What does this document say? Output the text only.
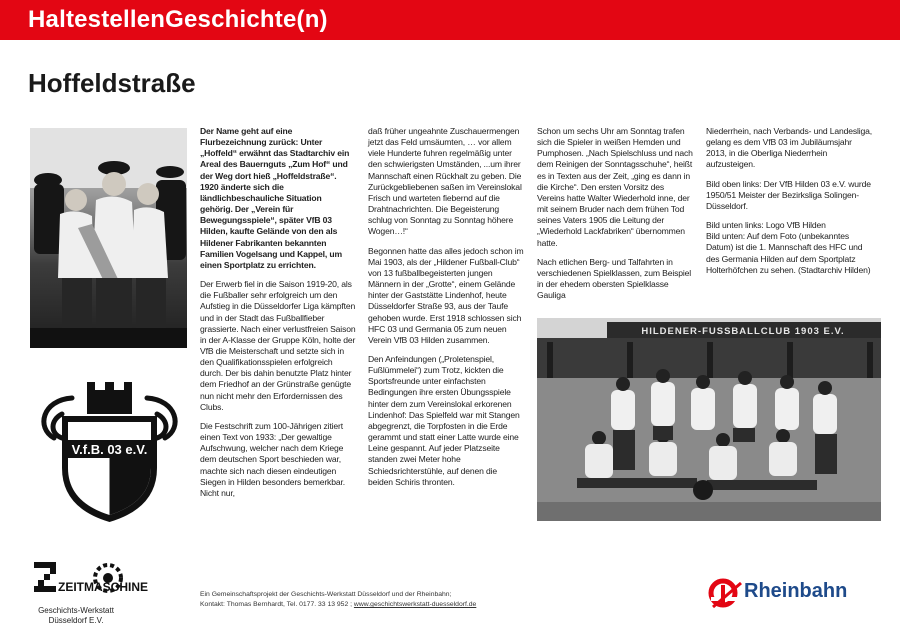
HaltestellenGeschichte(n)
Hoffeldstraße
V.f.B. 03 e.V.

Der Name geht auf eine Flurbezeichnung zurück: Unter „Hoffeld“ erwähnt das Stadtarchiv ein Areal des Bauernguts „Zum Hof“ und der Weg dort hieß „Hoffeldstraße“. 1920 änderte sich die ländlichbeschauliche Situation gehörig. Der „Verein für Bewegungsspiele“, später VfB 03 Hilden, kaufte Gelände von den als Hildener Fabrikanten bekannten Familien Vogelsang und Kappel, um einen Sportplatz zu errichten.

Der Erwerb fiel in die Saison 1919-20, als die Fußballer sehr erfolgreich um den Aufstieg in die Düsseldorfer Liga kämpften und in der Stadt das Fußballfieber grassierte. Nach einer verlustfreien Saison in der A-Klasse der Gruppe Köln, holte der VfB die Meisterschaft und setzte sich in den Qualifikationsspielen erfolgreich durch. Der bis dahin benutzte Platz hinter dem Friedhof an der Grünstraße genügte nun nicht mehr den Erfordernissen des Clubs.

Die Festschrift zum 100-Jährigen zitiert einen Text von 1933: „Der gewaltige Aufschwung, welcher nach dem Kriege dem deutschen Sport beschieden war, machte sich nach diesen eindeutigen Siegen in Hilden besonders bemerkbar. Nicht nur,

daß früher ungeahnte Zuschauermengen jetzt das Feld umsäumten, … vor allem viele Hunderte fuhren regelmäßig unter den schwierigsten Umständen, ...um ihrer Mannschaft einen Rückhalt zu geben. Die Zurückgebliebenen saßen im Vereinslokal Frisch und warteten fiebernd auf die Drahtnachrichten. Die Begeisterung schlug von Sonntag zu Sonntag höhere Wogen…!“

Begonnen hatte das alles jedoch schon im Mai 1903, als der „Hildener Fußball-Club“ von 13 fußballbegeisterten jungen Männern in der „Grotte“, einem Gelände hinter der Gaststätte Lindenhof, heute Düsseldorfer Straße 93, aus der Taufe gehoben wurde. Erst 1918 schlossen sich HFC 03 und Germania 05 zum neuen Verein VfB 03 Hilden zusammen.

Den Anfeindungen („Proletenspiel, Fußlümmelei“) zum Trotz, kickten die Sportsfreunde unter einfachsten Bedingungen ihre ersten Übungsspiele hinter dem zum Vereinslokal erkorenen Lindenhof: Das Spielfeld war mit Stangen abgegrenzt, die Torpfosten in die Erde gerammt und statt einer Latte wurde eine Leine gespannt. Auf jeder Platzseite standen zwei Meter hohe Schiedsrichterstühle, auf denen die beiden Schiris thronten.

Schon um sechs Uhr am Sonntag trafen sich die Spieler in weißen Hemden und Pumphosen. „Nach Spielschluss und nach dem Reinigen der Sonntagsschuhe“, heißt es in Texten aus der Zeit, „ging es dann in die Kirche“. Den ersten Vorsitz des Vereins hatte Walter Wiederhold inne, der mit seinem Bruder nach dem frühen Tod seines Vaters 1905 die Leitung der „Wiederhold Lackfabriken“ übernommen hatte.

Nach etlichen Berg- und Talfahrten in verschiedenen Spielklassen, zum Beispiel in der ehedem obersten Spielklasse Gauliga

Niederrhein, nach Verbands- und Landesliga, gelang es dem VfB 03 im Jubiläumsjahr 2013, in die Oberliga Niederrhein aufzusteigen.

Bild oben links: Der VfB Hilden 03 e.V. wurde 1950/51 Meister der Bezirksliga Solingen-Düsseldorf.

Bild unten links: Logo VfB Hilden

Bild unten: Auf dem Foto (unbekanntes Datum) ist die 1. Mannschaft des HFC und des Germania Hilden auf dem Sportplatz Holterhöfchen zu sehen. (Stadtarchiv Hilden)

HILDENER-FUSSBALLCLUB 1903 E.V.
Ein Gemeinschaftsprojekt der Geschichts-Werkstatt Düsseldorf und der Rheinbahn;
Kontakt: Thomas Bernhardt, Tel. 0177. 33 13 952 ; www.geschichtswerkstatt-duesseldorf.de
ZEITMASCHINE
Geschichts-Werkstatt
Düsseldorf E.V.
Rheinbahn
